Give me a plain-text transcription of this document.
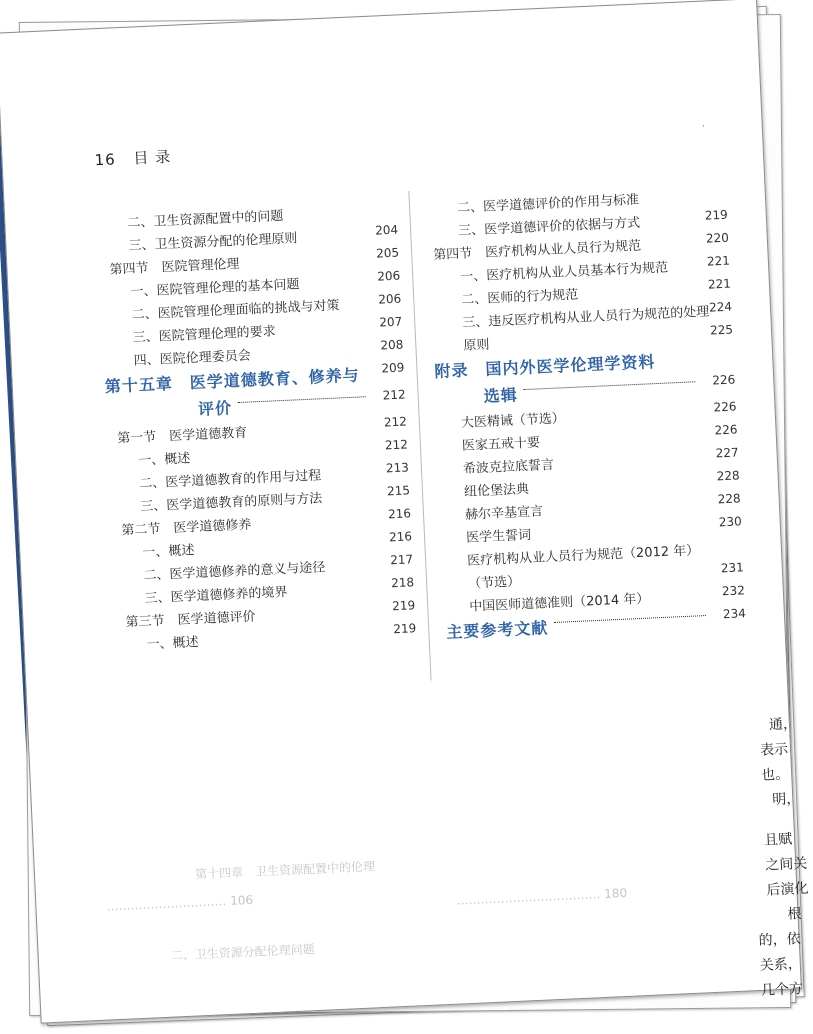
16 目 录
·
二、卫生资源配置中的问题
三、卫生资源分配的伦理原则
204
第四节　医院管理伦理
205
一、医院管理伦理的基本问题
206
二、医院管理伦理面临的挑战与对策	206
三、医院管理伦理的要求
207
四、医院伦理委员会
208
第十五章　医学道德教育、修养与 209
评价
212
第一节　医学道德教育
212
一、概述
212
二、医学道德教育的作用与过程
213
三、医学道德教育的原则与方法
215
第二节　医学道德修养
216
一、概述
216
二、医学道德修养的意义与途径
217
三、医学道德修养的境界
218
第三节　医学道德评价
219
一、概述
219
二、医学道德评价的作用与标准
三、医学道德评价的依据与方式
219
第四节　医疗机构从业人员行为规范
220
一、医疗机构从业人员基本行为规范	221
二、医师的行为规范
221
三、违反医疗机构从业人员行为规范的处理 224
原则
225
附录　国内外医学伦理学资料
选辑
226
大医精诫（节选）
226
医家五戒十要
226
希波克拉底誓言
227
纽伦堡法典
228
赫尔辛基宣言
228
医学生誓词
230
医疗机构从业人员行为规范（2012 年）
（节选）
231
中国医师道德准则（2014 年）
232
主要参考文献
234
………………………… 106
第十四章　卫生资源配置中的伦理
……………………………… 180
　二、卫生资源分配伦理问题
通，
表示
也。
明，
且赋
之间关
后演化
根
的，依
关系，
几个方
